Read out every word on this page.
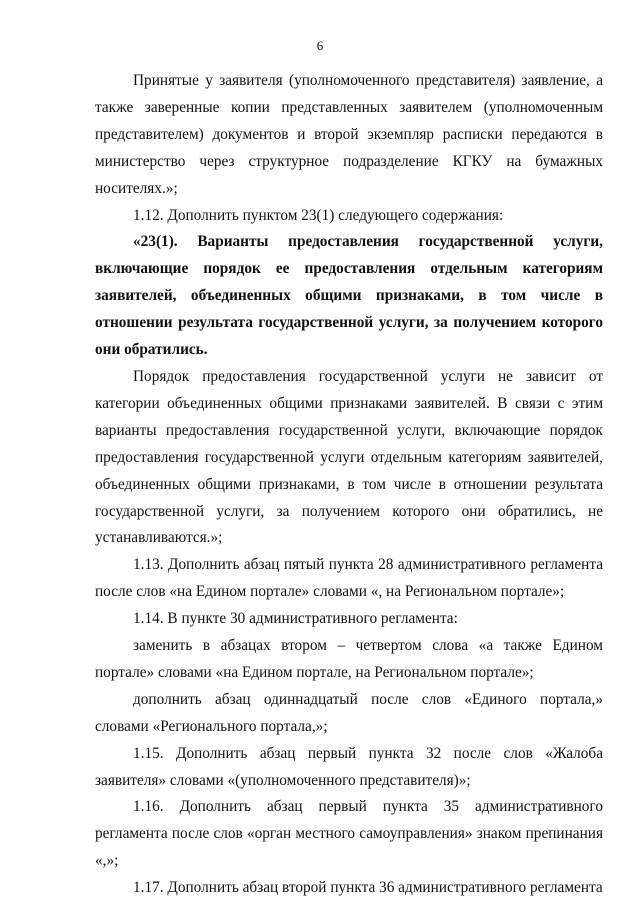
6

Принятые у заявителя (уполномоченного представителя) заявление, а также заверенные копии представленных заявителем (уполномоченным представителем) документов и второй экземпляр расписки передаются в министерство через структурное подразделение КГКУ на бумажных носителях.»;

1.12. Дополнить пунктом 23(1) следующего содержания:

«23(1). Варианты предоставления государственной услуги, включающие порядок ее предоставления отдельным категориям заявителей, объединенных общими признаками, в том числе в отношении результата государственной услуги, за получением которого они обратились.

Порядок предоставления государственной услуги не зависит от категории объединенных общими признаками заявителей. В связи с этим варианты предоставления государственной услуги, включающие порядок предоставления государственной услуги отдельным категориям заявителей, объединенных общими признаками, в том числе в отношении результата государственной услуги, за получением которого они обратились, не устанавливаются.»;

1.13. Дополнить абзац пятый пункта 28 административного регламента после слов «на Едином портале» словами «, на Региональном портале»;

1.14. В пункте 30 административного регламента:

заменить в абзацах втором – четвертом слова «а также Едином портале» словами «на Едином портале, на Региональном портале»;

дополнить абзац одиннадцатый после слов «Единого портала,» словами «Регионального портала,»;

1.15. Дополнить абзац первый пункта 32 после слов «Жалоба заявителя» словами «(уполномоченного представителя)»;

1.16. Дополнить абзац первый пункта 35 административного регламента после слов «орган местного самоуправления» знаком препинания «,»;

1.17. Дополнить абзац второй пункта 36 административного регламента
